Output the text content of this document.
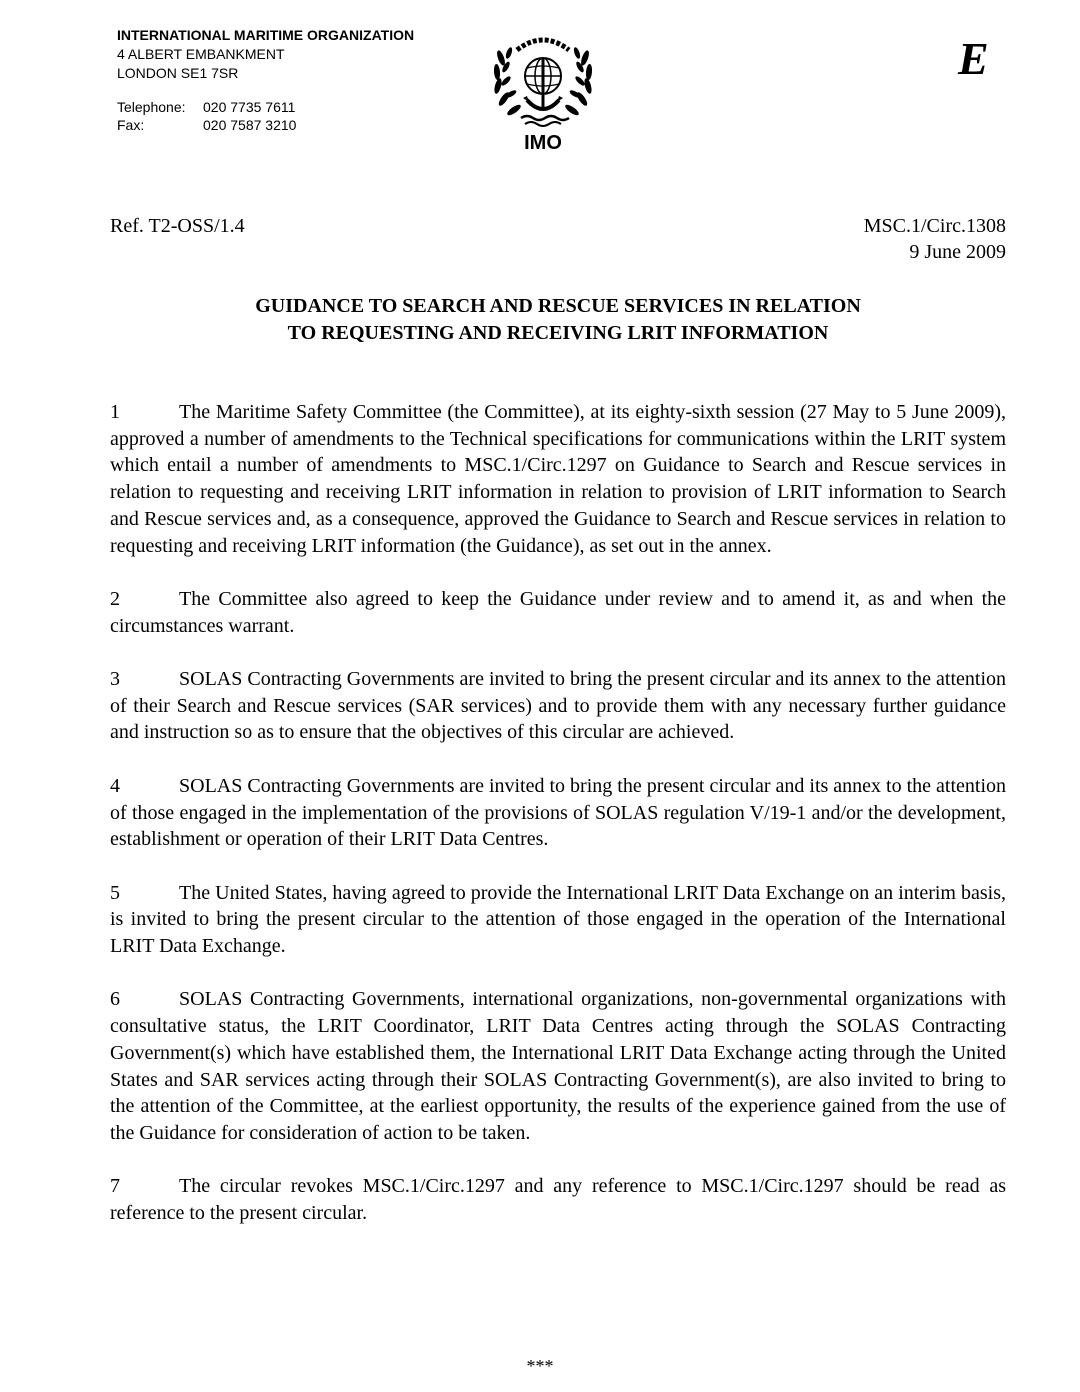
INTERNATIONAL MARITIME ORGANIZATION
4 ALBERT EMBANKMENT
LONDON SE1 7SR
Telephone:	020 7735 7611
Fax:	020 7587 3210
IMO
E
Ref. T2-OSS/1.4	MSC.1/Circ.1308
9 June 2009
GUIDANCE TO SEARCH AND RESCUE SERVICES IN RELATION
TO REQUESTING AND RECEIVING LRIT INFORMATION

1	The Maritime Safety Committee (the Committee), at its eighty-sixth session (27 May to 5 June 2009), approved a number of amendments to the Technical specifications for communications within the LRIT system which entail a number of amendments to MSC.1/Circ.1297 on Guidance to Search and Rescue services in relation to requesting and receiving LRIT information in relation to provision of LRIT information to Search and Rescue services and, as a consequence, approved the Guidance to Search and Rescue services in relation to requesting and receiving LRIT information (the Guidance), as set out in the annex.

2	The Committee also agreed to keep the Guidance under review and to amend it, as and when the circumstances warrant.

3	SOLAS Contracting Governments are invited to bring the present circular and its annex to the attention of their Search and Rescue services (SAR services) and to provide them with any necessary further guidance and instruction so as to ensure that the objectives of this circular are achieved.

4	SOLAS Contracting Governments are invited to bring the present circular and its annex to the attention of those engaged in the implementation of the provisions of SOLAS regulation V/19-1 and/or the development, establishment or operation of their LRIT Data Centres.

5	The United States, having agreed to provide the International LRIT Data Exchange on an interim basis, is invited to bring the present circular to the attention of those engaged in the operation of the International LRIT Data Exchange.

6	SOLAS Contracting Governments, international organizations, non-governmental organizations with consultative status, the LRIT Coordinator, LRIT Data Centres acting through the SOLAS Contracting Government(s) which have established them, the International LRIT Data Exchange acting through the United States and SAR services acting through their SOLAS Contracting Government(s), are also invited to bring to the attention of the Committee, at the earliest opportunity, the results of the experience gained from the use of the Guidance for consideration of action to be taken.

7	The circular revokes MSC.1/Circ.1297 and any reference to MSC.1/Circ.1297 should be read as reference to the present circular.

***
